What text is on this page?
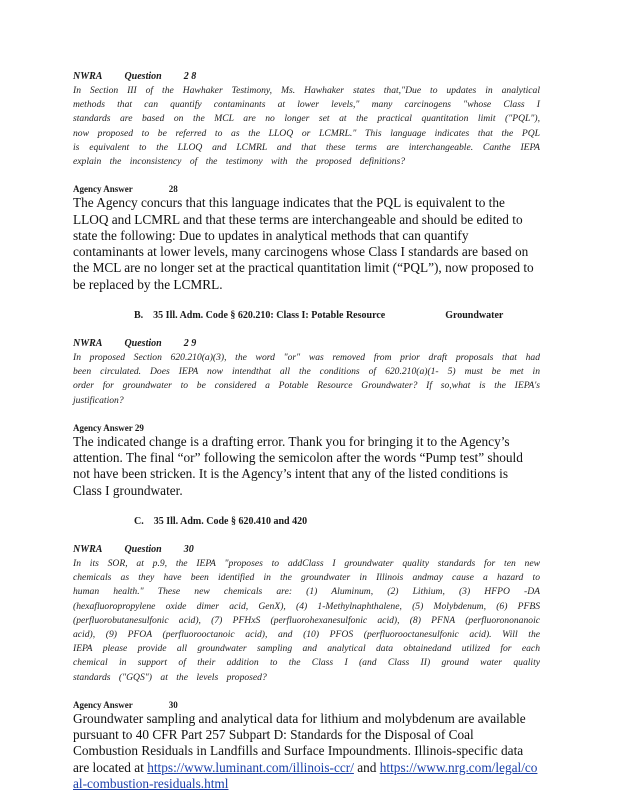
NWRA Question 2 8
In Section III of the Hawhaker Testimony, Ms. Hawhaker states that,"Due to updates in analytical methods that can quantify contaminants at lower levels," many carcinogens "whose Class I standards are based on the MCL are no longer set at the practical quantitation limit ("PQL"), now proposed to be referred to as the LLOQ or LCMRL." This language indicates that the PQL is equivalent to the LLOQ and LCMRL and that these terms are interchangeable. Canthe IEPA explain the inconsistency of the testimony with the proposed definitions?
Agency Answer	28
The Agency concurs that this language indicates that the PQL is equivalent to the LLOQ and LCMRL and that these terms are interchangeable and should be edited to state the following: Due to updates in analytical methods that can quantify contaminants at lower levels, many carcinogens whose Class I standards are based on the MCL are no longer set at the practical quantitation limit (“PQL”), now proposed to be replaced by the LCMRL.
B. 35 Ill. Adm. Code § 620.210: Class I: Potable Resource	Groundwater
NWRA Question 2 9
In proposed Section 620.210(a)(3), the word "or" was removed from prior draft proposals that had been circulated. Does IEPA now intendthat all the conditions of 620.210(a)(1- 5) must be met in order for groundwater to be considered a Potable Resource Groundwater? If so,what is the IEPA's justification?
Agency Answer 29
The indicated change is a drafting error. Thank you for bringing it to the Agency’s attention. The final “or” following the semicolon after the words “Pump test” should not have been stricken. It is the Agency’s intent that any of the listed conditions is Class I groundwater.
C. 35 Ill. Adm. Code § 620.410 and 420
NWRA Question 30
In its SOR, at p.9, the IEPA "proposes to addClass I groundwater quality standards for ten new chemicals as they have been identified in the groundwater in Illinois andmay cause a hazard to human health." These new chemicals are: (1) Aluminum, (2) Lithium, (3) HFPO -DA (hexafluoropropylene oxide dimer acid, GenX), (4) 1-Methylnaphthalene, (5) Molybdenum, (6) PFBS (perfluorobutanesulfonic acid), (7) PFHxS (perfluorohexanesulfonic acid), (8) PFNA (perfluorononanoic acid), (9) PFOA (perfluorooctanoic acid), and (10) PFOS (perfluorooctanesulfonic acid). Will the IEPA please provide all groundwater sampling and analytical data obtainedand utilized for each chemical in support of their addition to the Class I (and Class II) ground water quality standards ("GQS") at the levels proposed?
Agency Answer	30
Groundwater sampling and analytical data for lithium and molybdenum are available pursuant to 40 CFR Part 257 Subpart D: Standards for the Disposal of Coal Combustion Residuals in Landfills and Surface Impoundments. Illinois-specific data are located at https://www.luminant.com/illinois-ccr/ and https://www.nrg.com/legal/coal-combustion-residuals.html
